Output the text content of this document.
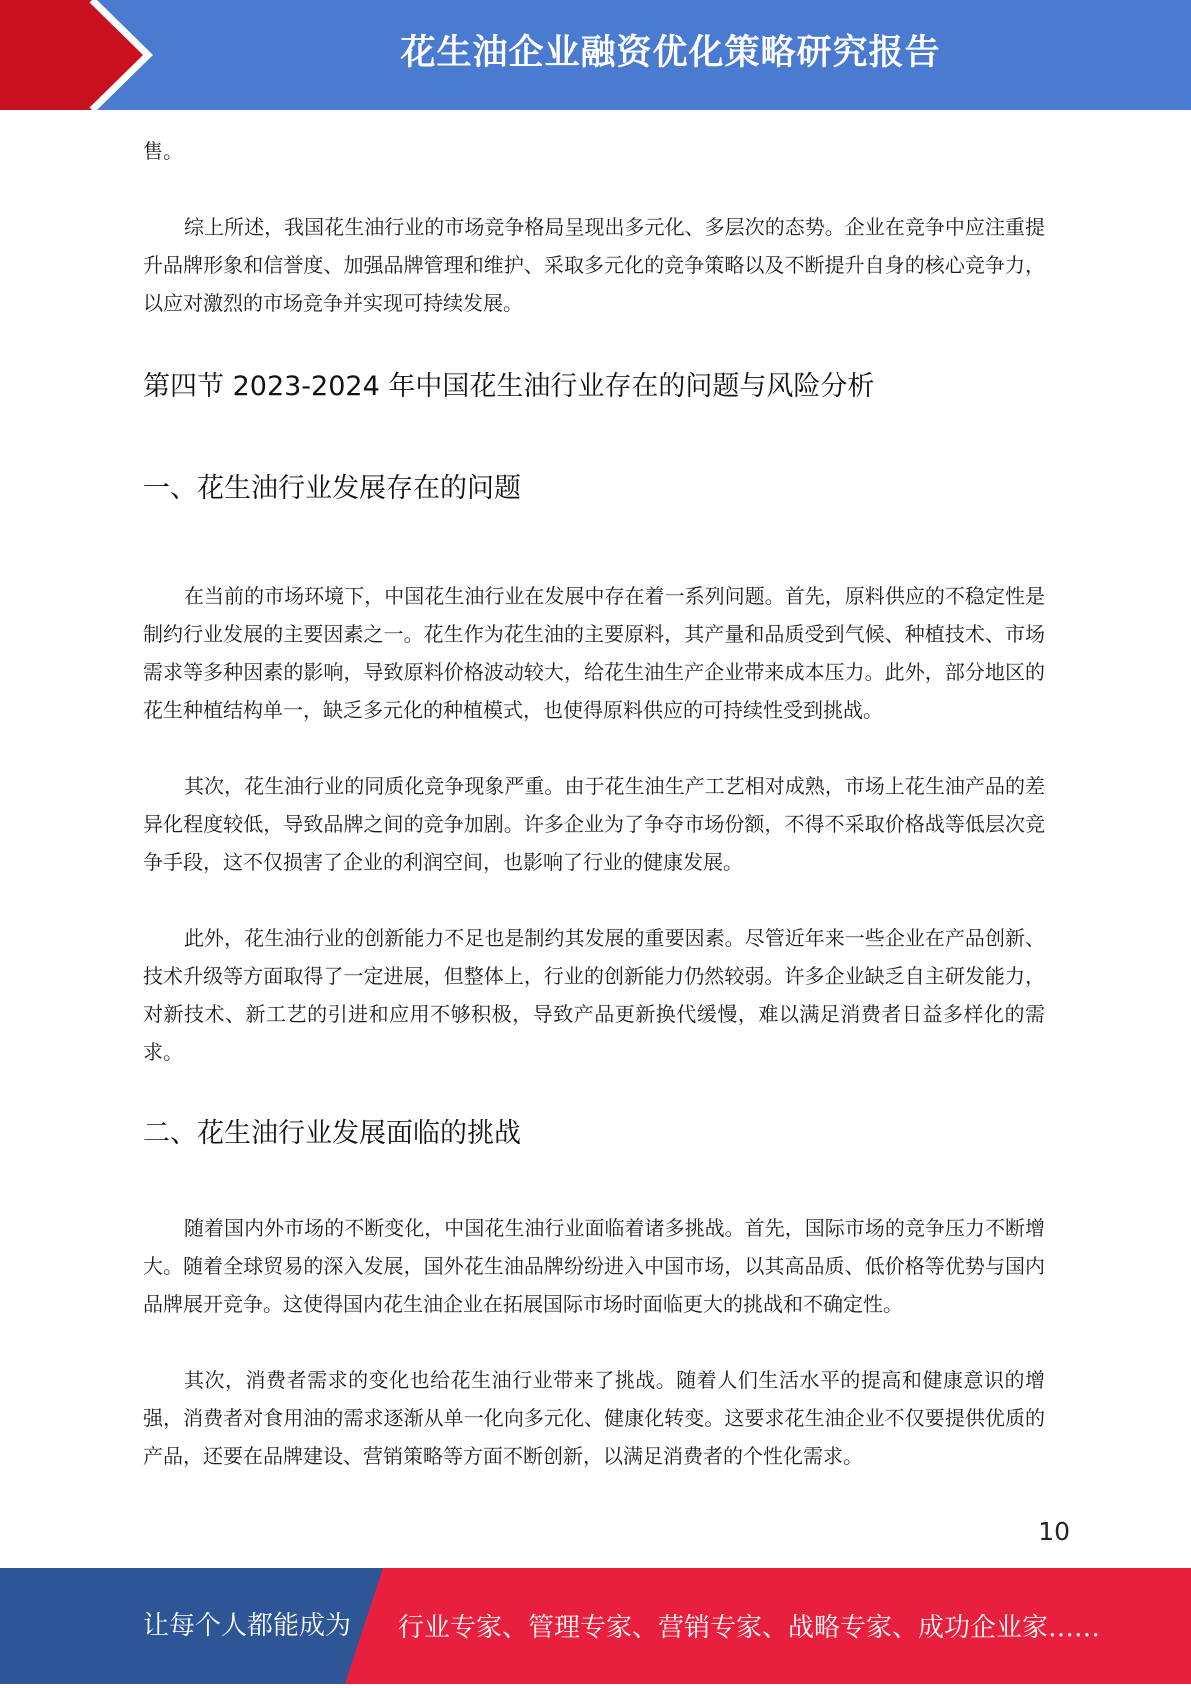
花生油企业融资优化策略研究报告

售。

综上所述，我国花生油行业的市场竞争格局呈现出多元化、多层次的态势。企业在竞争中应注重提升品牌形象和信誉度、加强品牌管理和维护、采取多元化的竞争策略以及不断提升自身的核心竞争力，以应对激烈的市场竞争并实现可持续发展。

第四节 2023-2024 年中国花生油行业存在的问题与风险分析
一、花生油行业发展存在的问题

在当前的市场环境下，中国花生油行业在发展中存在着一系列问题。首先，原料供应的不稳定性是制约行业发展的主要因素之一。花生作为花生油的主要原料，其产量和品质受到气候、种植技术、市场需求等多种因素的影响，导致原料价格波动较大，给花生油生产企业带来成本压力。此外，部分地区的花生种植结构单一，缺乏多元化的种植模式，也使得原料供应的可持续性受到挑战。

其次，花生油行业的同质化竞争现象严重。由于花生油生产工艺相对成熟，市场上花生油产品的差异化程度较低，导致品牌之间的竞争加剧。许多企业为了争夺市场份额，不得不采取价格战等低层次竞争手段，这不仅损害了企业的利润空间，也影响了行业的健康发展。

此外，花生油行业的创新能力不足也是制约其发展的重要因素。尽管近年来一些企业在产品创新、技术升级等方面取得了一定进展，但整体上，行业的创新能力仍然较弱。许多企业缺乏自主研发能力，对新技术、新工艺的引进和应用不够积极，导致产品更新换代缓慢，难以满足消费者日益多样化的需求。

二、花生油行业发展面临的挑战

随着国内外市场的不断变化，中国花生油行业面临着诸多挑战。首先，国际市场的竞争压力不断增大。随着全球贸易的深入发展，国外花生油品牌纷纷进入中国市场，以其高品质、低价格等优势与国内品牌展开竞争。这使得国内花生油企业在拓展国际市场时面临更大的挑战和不确定性。

其次，消费者需求的变化也给花生油行业带来了挑战。随着人们生活水平的提高和健康意识的增强，消费者对食用油的需求逐渐从单一化向多元化、健康化转变。这要求花生油企业不仅要提供优质的产品，还要在品牌建设、营销策略等方面不断创新，以满足消费者的个性化需求。

10
让每个人都能成为 行业专家、管理专家、营销专家、战略专家、成功企业家……
